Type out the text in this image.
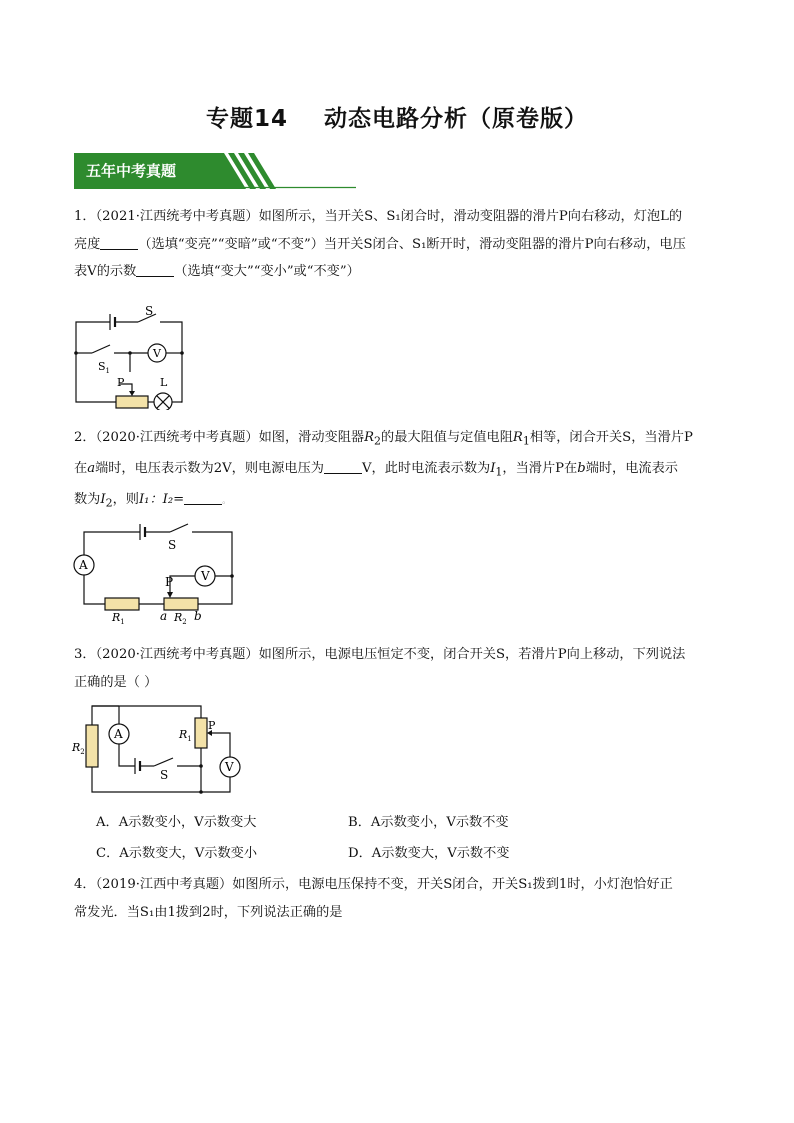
专题14    动态电路分析（原卷版）
五年中考真题
1．（2021·江西统考中考真题）如图所示，当开关S、S₁闭合时，滑动变阻器的滑片P向右移动，灯泡L的
亮度	（选填“变亮”“变暗”或“不变”）当开关S闭合、S₁断开时，滑动变阻器的滑片P向右移动，电压
表V的示数	（选填“变大”“变小”或“不变”）
S
V
$S_1$
P	L
2．（2020·江西统考中考真题）如图，滑动变阻器$R_2$的最大阻值与定值电阻$R_1$相等，闭合开关S，当滑片P
在a端时，电压表示数为2V，则电源电压为	V，此时电流表示数为$I_1$，当滑片P在b端时，电流表示
数为$I_2$，则I₁：I₂=	。
A
V
S
P
$R_1$	a $R_2$ b
3．（2020·江西统考中考真题）如图所示，电源电压恒定不变，闭合开关S，若滑片P向上移动，下列说法
正确的是（ ）
A
V
S
P
$R_1$
$R_2$
A．A示数变小，V示数变大	B．A示数变小，V示数不变
C．A示数变大，V示数变小	D．A示数变大，V示数不变
4．（2019·江西中考真题）如图所示，电源电压保持不变，开关S闭合，开关S₁拨到1时，小灯泡恰好正
常发光．当S₁由1拨到2时，下列说法正确的是
